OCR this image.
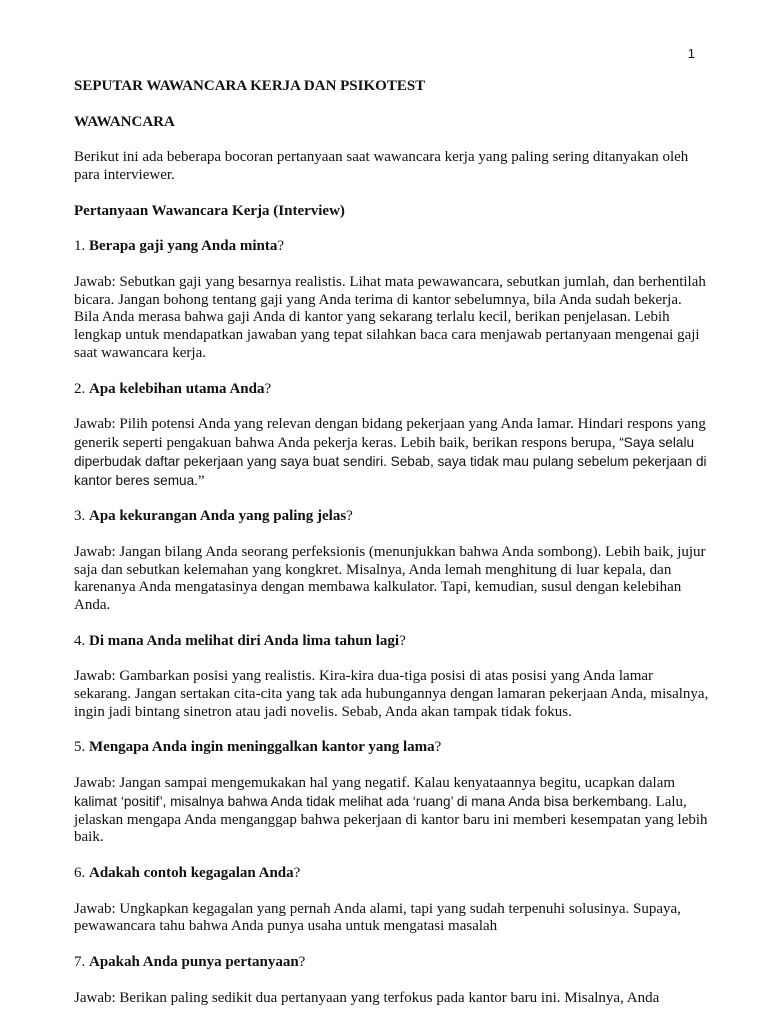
1

SEPUTAR WAWANCARA KERJA DAN PSIKOTEST

WAWANCARA

Berikut ini ada beberapa bocoran pertanyaan saat wawancara kerja yang paling sering ditanyakan oleh para interviewer.

Pertanyaan Wawancara Kerja (Interview)

1. Berapa gaji yang Anda minta?

Jawab: Sebutkan gaji yang besarnya realistis. Lihat mata pewawancara, sebutkan jumlah, dan berhentilah bicara. Jangan bohong tentang gaji yang Anda terima di kantor sebelumnya, bila Anda sudah bekerja. Bila Anda merasa bahwa gaji Anda di kantor yang sekarang terlalu kecil, berikan penjelasan. Lebih lengkap untuk mendapatkan jawaban yang tepat silahkan baca cara menjawab pertanyaan mengenai gaji saat wawancara kerja.

2. Apa kelebihan utama Anda?

Jawab: Pilih potensi Anda yang relevan dengan bidang pekerjaan yang Anda lamar. Hindari respons yang generik seperti pengakuan bahwa Anda pekerja keras. Lebih baik, berikan respons berupa, “Saya selalu diperbudak daftar pekerjaan yang saya buat sendiri. Sebab, saya tidak mau pulang sebelum pekerjaan di kantor beres semua.”

3. Apa kekurangan Anda yang paling jelas?

Jawab: Jangan bilang Anda seorang perfeksionis (menunjukkan bahwa Anda sombong). Lebih baik, jujur saja dan sebutkan kelemahan yang kongkret. Misalnya, Anda lemah menghitung di luar kepala, dan karenanya Anda mengatasinya dengan membawa kalkulator. Tapi, kemudian, susul dengan kelebihan Anda.

4. Di mana Anda melihat diri Anda lima tahun lagi?

Jawab: Gambarkan posisi yang realistis. Kira-kira dua-tiga posisi di atas posisi yang Anda lamar sekarang. Jangan sertakan cita-cita yang tak ada hubungannya dengan lamaran pekerjaan Anda, misalnya, ingin jadi bintang sinetron atau jadi novelis. Sebab, Anda akan tampak tidak fokus.

5. Mengapa Anda ingin meninggalkan kantor yang lama?

Jawab: Jangan sampai mengemukakan hal yang negatif. Kalau kenyataannya begitu, ucapkan dalam kalimat ‘positif’, misalnya bahwa Anda tidak melihat ada ‘ruang’ di mana Anda bisa berkembang. Lalu, jelaskan mengapa Anda menganggap bahwa pekerjaan di kantor baru ini memberi kesempatan yang lebih baik.

6. Adakah contoh kegagalan Anda?

Jawab: Ungkapkan kegagalan yang pernah Anda alami, tapi yang sudah terpenuhi solusinya. Supaya, pewawancara tahu bahwa Anda punya usaha untuk mengatasi masalah

7. Apakah Anda punya pertanyaan?

Jawab: Berikan paling sedikit dua pertanyaan yang terfokus pada kantor baru ini. Misalnya, Anda
